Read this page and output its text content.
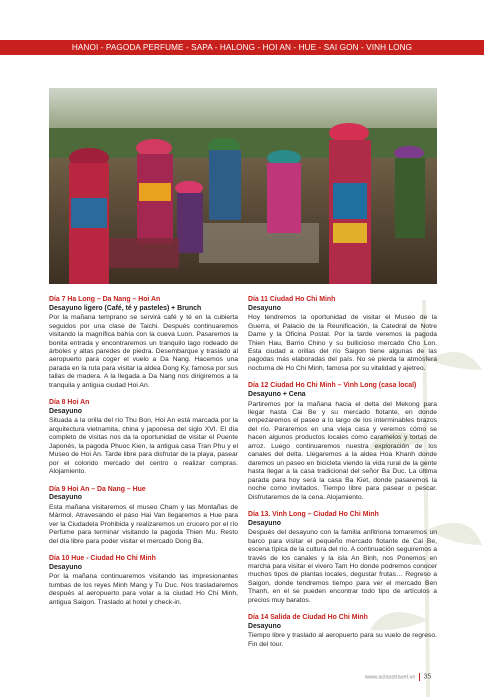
HANOI - PAGODA PERFUME - SAPA - HALONG - HOI AN - HUE - SAI GON - VINH LONG
Día 7 Ha Long – Da Nang – Hoi An
Desayuno ligero (Café, té y pasteles) + Brunch

Por la mañana temprano se servirá café y té en la cubierta seguidos por una clase de Taichi. Después continuaremos visitando la magnífica bahía con la cueva Luon. Pasaremos la bonita entrada y encontraremos un tranquilo lago rodeado de árboles y altas paredes de piedra. Desembarque y traslado al aeropuerto para coger el vuelo a Da Nang. Hacemos una parada en la ruta para visitar la aldea Dong Ky, famosa por sus tallas de madera. A la llegada a Da Nang nos dirigiremos a la tranquila y antigua ciudad Hoi An.

Día 8 Hoi An
Desayuno

Situada a la orilla del río Thu Bon, Hoi An está marcada por la arquitectura vietnamita, china y japonesa del siglo XVI. El día completo de visitas nos da la oportunidad de visitar el Puente Japonés, la pagoda Phuoc Kien, la antigua casa Tran Phu y el Museo de Hoi An. Tarde libre para disfrutar de la playa, pasear por el colorido mercado del centro o realizar compras. Alojamiento.

Día 9 Hoi An – Da Nang – Hue
Desayuno

Esta mañana visitaremos el museo Cham y las Montañas de Mármol. Atravesando el paso Hai Van llegaremos a Hue para ver la Ciudadela Prohibida y realizaremos un crucero por el río Perfume para terminar visitando la pagoda Thien Mu. Resto del día libre para poder visitar el mercado Dong Ba.

Día 10 Hue - Ciudad Ho Chi Minh
Desayuno

Por la mañana continuaremos visitando las impresionantes tumbas de los reyes Minh Mang y Tu Duc. Nos trasladaremos después al aeropuerto para volar a la ciudad Ho Chi Minh, antigua Saigon. Traslado al hotel y check-in.

Día 11 Ciudad Ho Chi Minh
Desayuno

Hoy tendremos la oportunidad de visitar el Museo de la Guerra, el Palacio de la Reunificación, la Catedral de Notre Dame y la Oficina Postal. Por la tarde veremos la pagoda Thien Hau, Barrio Chino y su bullicioso mercado Cho Lon. Esta ciudad a orillas del río Saigon tiene algunas de las pagodas más elaboradas del país. No se pierda la atmósfera nocturna de Ho Chi Minh, famosa por su vitalidad y ajetreo.

Día 12 Ciudad Ho Chi Minh – Vinh Long (casa local)
Desayuno + Cena

Partiremos por la mañana hacia el delta del Mekong para llegar hasta Cai Be y su mercado flotante, en donde empezaremos el paseo a lo largo de los interminables brazos del río. Pararemos en una vieja casa y veremos cómo se hacen algunos productos locales como caramelos y tortas de arroz. Luego continuaremos nuestra exploración de los canales del delta. Llegaremos a la aldea Hoa Khanh donde daremos un paseo en bicicleta viendo la vida rural de la gente hasta llegar a la casa tradicional del señor Ba Duc. La última parada para hoy será la casa Ba Kiet, donde pasaremos la noche como invitados. Tiempo libre para pasear o pescar. Disfrutaremos de la cena. Alojamiento.

Día 13. Vinh Long – Ciudad Ho Chi Minh
Desayuno

Después del desayuno con la familia anfitriona tomaremos un barco para visitar el pequeño mercado flotante de Cai Be, escena típica de la cultura del río. A continuación seguiremos a través de los canales y la isla An Binh, nos Ponemos en marcha para visitar el vivero Tam Ho donde podremos conocer muchos tipos de plantas locales, degustar frutas… Regreso a Saigon, donde tendremos tiempo para ver el mercado Ben Thanh, en el se pueden encontrar todo tipo de artículos a precios muy baratos.

Día 14 Salida de Ciudad Ho Chi Minh
Desayuno

Tiempo libre y traslado al aeropuerto para su vuelo de regreso. Fin del tour.

www.aclasstravel.vn 35
